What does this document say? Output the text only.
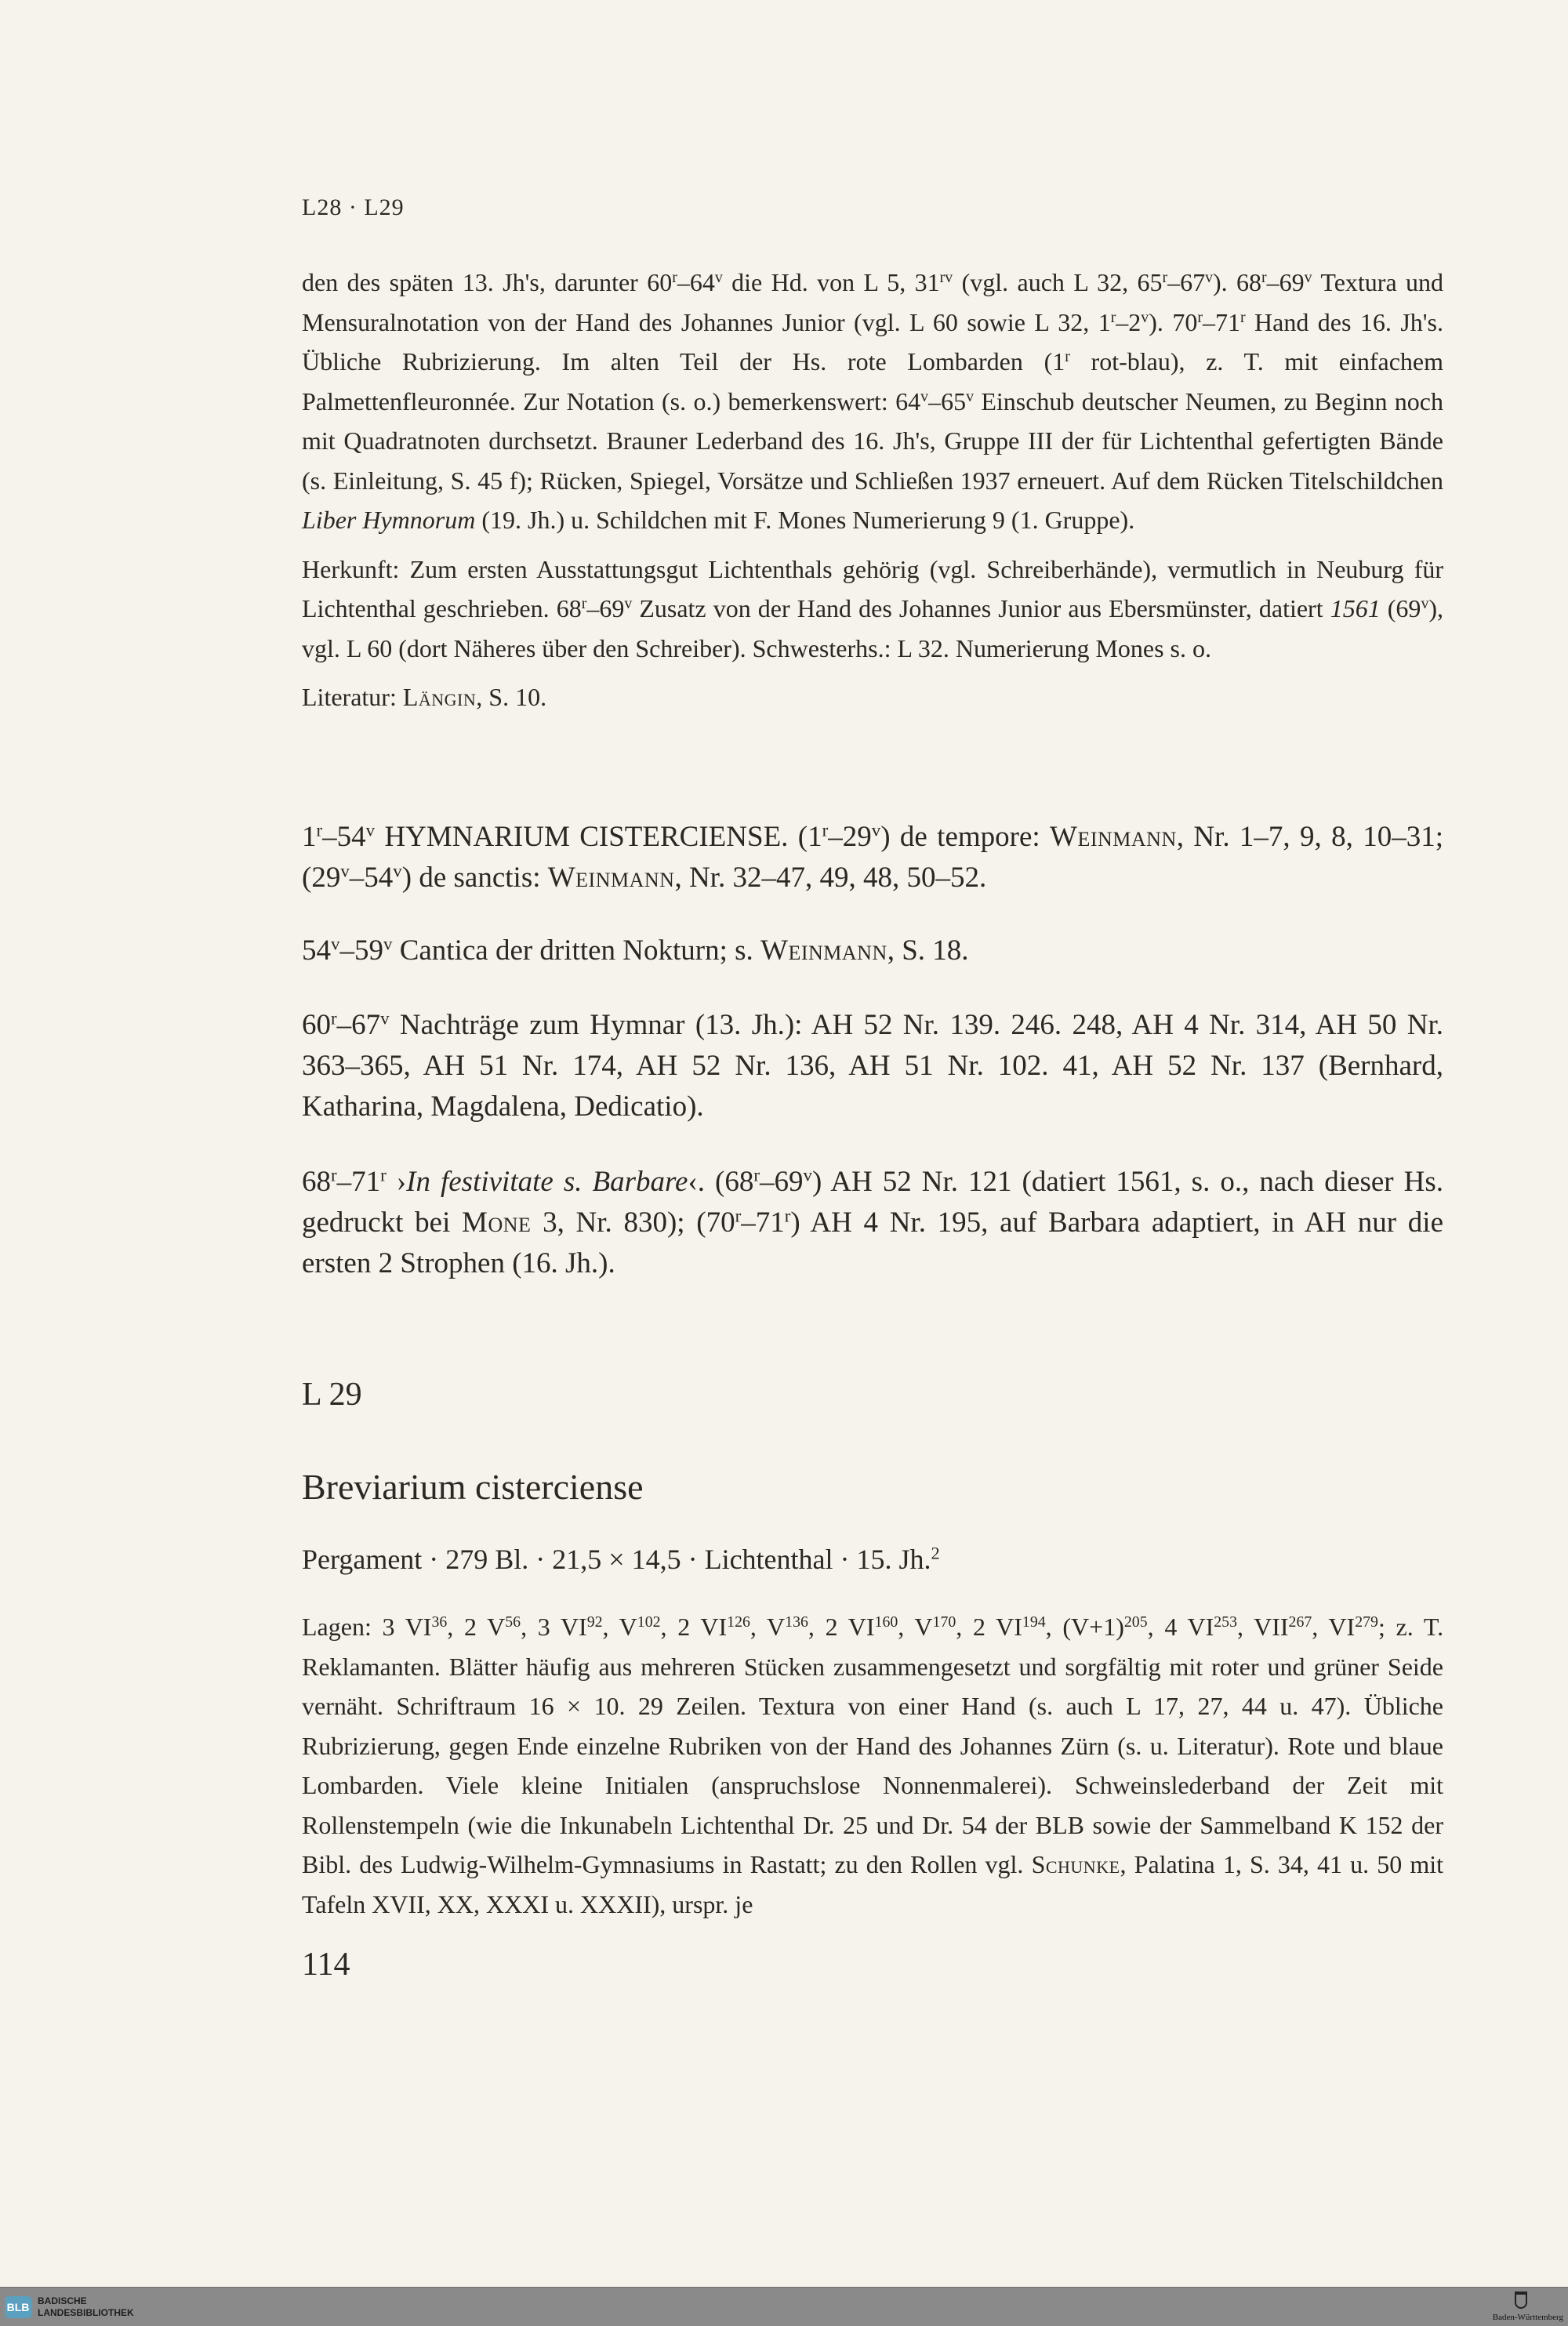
L28 · L29

den des späten 13. Jh's, darunter 60$^r$–64$^v$ die Hd. von L 5, $31^{rv}$ (vgl. auch L 32, 65$^r$–67$^v$). 68$^r$–69$^v$ Textura und Mensuralnotation von der Hand des Johannes Junior (vgl. L 60 sowie L 32, 1$^r$–2$^v$). 70$^r$–71$^r$ Hand des 16. Jh's. Übliche Rubrizierung. Im alten Teil der Hs. rote Lombarden (1$^r$ rot-blau), z. T. mit einfachem Palmettenfleuronnée. Zur Notation (s. o.) bemerkenswert: 64$^v$–65$^v$ Einschub deutscher Neumen, zu Beginn noch mit Quadratnoten durchsetzt. Brauner Lederband des 16. Jh's, Gruppe III der für Lichtenthal gefertigten Bände (s. Einleitung, S. 45 f); Rücken, Spiegel, Vorsätze und Schließen 1937 erneuert. Auf dem Rücken Titelschildchen Liber Hymnorum (19. Jh.) u. Schildchen mit F. Mones Numerierung 9 (1. Gruppe).

Herkunft: Zum ersten Ausstattungsgut Lichtenthals gehörig (vgl. Schreiberhände), vermutlich in Neuburg für Lichtenthal geschrieben. 68$^r$–69$^v$ Zusatz von der Hand des Johannes Junior aus Ebersmünster, datiert 1561 (69$^v$), vgl. L 60 (dort Näheres über den Schreiber). Schwesterhs.: L 32. Numerierung Mones s. o.

Literatur: Längin, S. 10.

1$^r$–54$^v$ HYMNARIUM CISTERCIENSE. (1$^r$–29$^v$) de tempore: Weinmann, Nr. 1–7, 9, 8, 10–31; (29$^v$–54$^v$) de sanctis: Weinmann, Nr. 32–47, 49, 48, 50–52.
54$^v$–59$^v$ Cantica der dritten Nokturn; s. Weinmann, S. 18.
60$^r$–67$^v$ Nachträge zum Hymnar (13. Jh.): AH 52 Nr. 139. 246. 248, AH 4 Nr. 314, AH 50 Nr. 363–365, AH 51 Nr. 174, AH 52 Nr. 136, AH 51 Nr. 102. 41, AH 52 Nr. 137 (Bernhard, Katharina, Magdalena, Dedicatio).
68$^r$–71$^r$ ›In festivitate s. Barbare‹. (68$^r$–69$^v$) AH 52 Nr. 121 (datiert 1561, s. o., nach dieser Hs. gedruckt bei Mone 3, Nr. 830); (70$^r$–71$^r$) AH 4 Nr. 195, auf Barbara adaptiert, in AH nur die ersten 2 Strophen (16. Jh.).
L 29
Breviarium cisterciense
Pergament · 279 Bl. · 21,5 × 14,5 · Lichtenthal · 15. Jh.$^2$
Lagen: 3 VI$^{36}$, 2 $V^{56}$, 3 VI$^{92}$, $V^{102}$, 2 VI$^{126}$, $V^{136}$, 2 VI$^{160}$, $V^{170}$, 2 VI$^{194}$, $(V+1)^{205}$, 4 VI$^{253}$, VII$^{267}$, VI$^{279}$; z. T. Reklamanten. Blätter häufig aus mehreren Stücken zusammengesetzt und sorgfältig mit roter und grüner Seide vernäht. Schriftraum 16 × 10. 29 Zeilen. Textura von einer Hand (s. auch L 17, 27, 44 u. 47). Übliche Rubrizierung, gegen Ende einzelne Rubriken von der Hand des Johannes Zürn (s. u. Literatur). Rote und blaue Lombarden. Viele kleine Initialen (anspruchslose Nonnenmalerei). Schweinslederband der Zeit mit Rollenstempeln (wie die Inkunabeln Lichtenthal Dr. 25 und Dr. 54 der BLB sowie der Sammelband K 152 der Bibl. des Ludwig-Wilhelm-Gymnasiums in Rastatt; zu den Rollen vgl. Schunke, Palatina 1, S. 34, 41 u. 50 mit Tafeln XVII, XX, XXXI u. XXXII), urspr. je
114
BLB BADISCHE
LANDESBIBLIOTHEK	Baden-Württemberg
